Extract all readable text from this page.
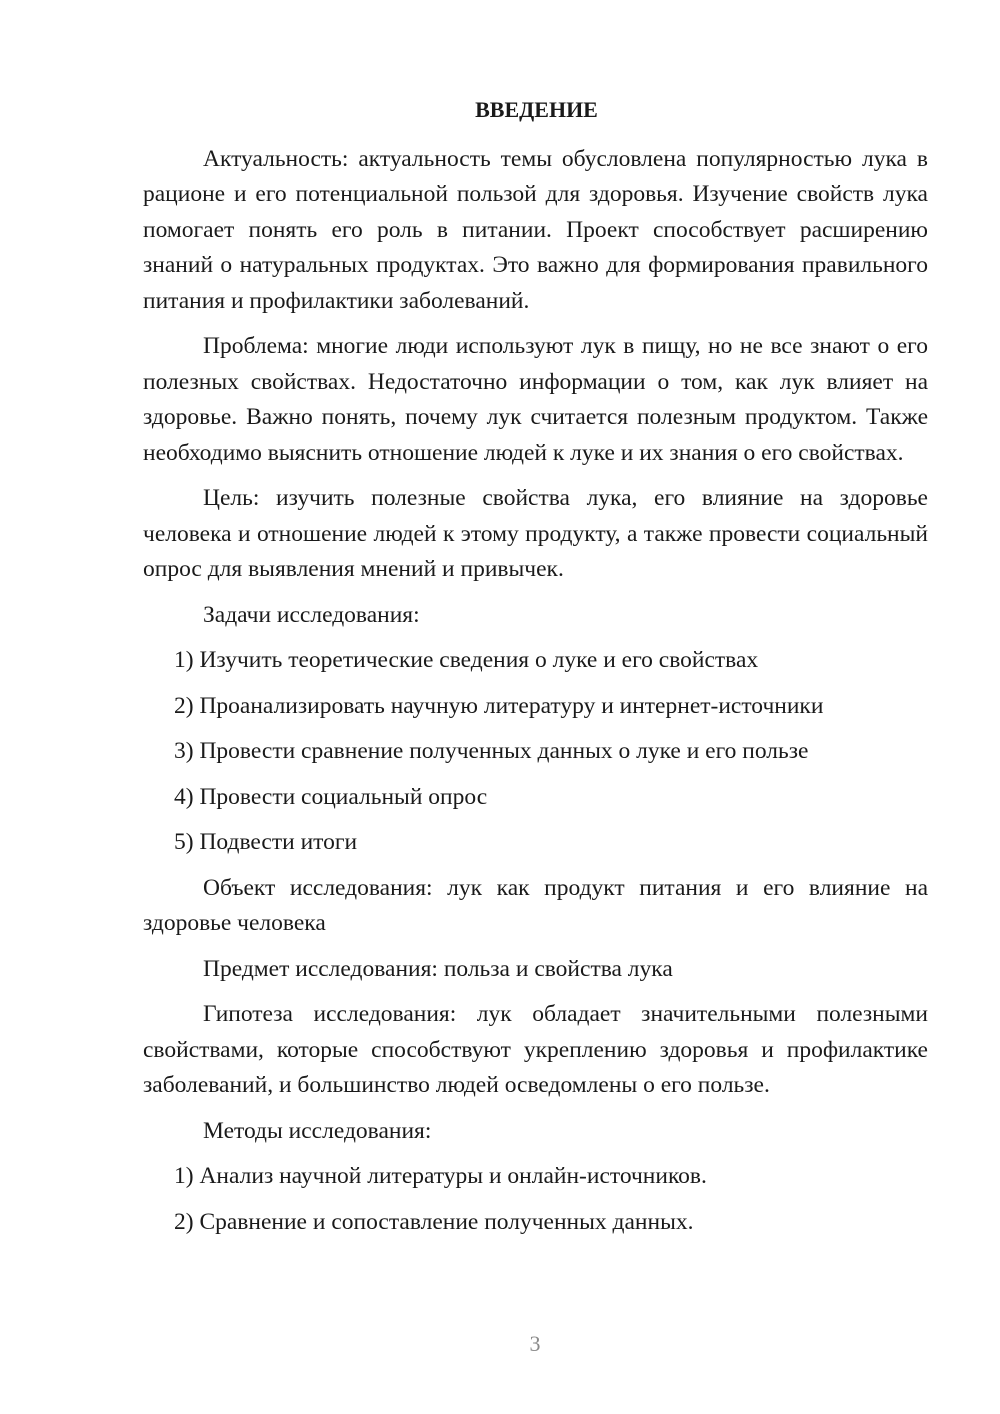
ВВЕДЕНИЕ

Актуальность: актуальность темы обусловлена популярностью лука в рационе и его потенциальной пользой для здоровья. Изучение свойств лука помогает понять его роль в питании. Проект способствует расширению знаний о натуральных продуктах. Это важно для формирования правильного питания и профилактики заболеваний.

Проблема: многие люди используют лук в пищу, но не все знают о его полезных свойствах. Недостаточно информации о том, как лук влияет на здоровье. Важно понять, почему лук считается полезным продуктом. Также необходимо выяснить отношение людей к луке и их знания о его свойствах.

Цель: изучить полезные свойства лука, его влияние на здоровье человека и отношение людей к этому продукту, а также провести социальный опрос для выявления мнений и привычек.

Задачи исследования:

1) Изучить теоретические сведения о луке и его свойствах
2) Проанализировать научную литературу и интернет-источники
3) Провести сравнение полученных данных о луке и его пользе
4) Провести социальный опрос
5) Подвести итоги

Объект исследования: лук как продукт питания и его влияние на здоровье человека

Предмет исследования: польза и свойства лука

Гипотеза исследования: лук обладает значительными полезными свойствами, которые способствуют укреплению здоровья и профилактике заболеваний, и большинство людей осведомлены о его пользе.

Методы исследования:

1) Анализ научной литературы и онлайн-источников.
2) Сравнение и сопоставление полученных данных.
3
